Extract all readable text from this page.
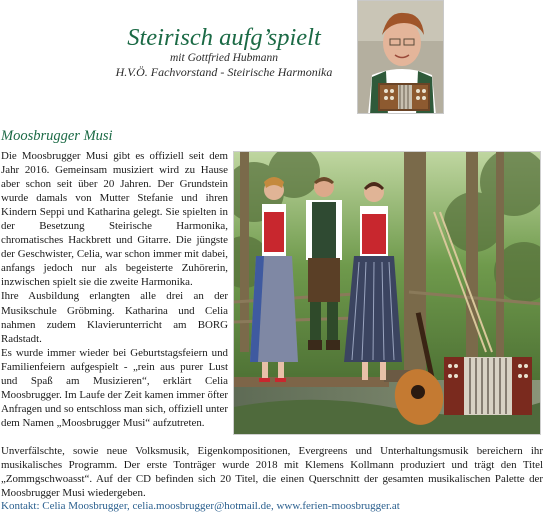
Steirisch aufg’spielt
mit Gottfried Hubmann
H.V.Ö. Fachvorstand - Steirische Harmonika
Moosbrugger Musi

Die Moosbrugger Musi gibt es offiziell seit dem Jahr 2016. Gemeinsam musiziert wird zu Hause aber schon seit über 20 Jahren. Der Grundstein wurde damals von Mutter Stefanie und ihren Kindern Seppi und Katharina gelegt. Sie spielten in der Besetzung Steirische Harmonika, chromatisches Hackbrett und Gitarre. Die jüngste der Geschwister, Celia, war schon immer mit dabei, anfangs jedoch nur als begeisterte Zuhörerin, inzwischen spielt sie die zweite Harmonika.

Ihre Ausbildung erlangten alle drei an der Musikschule Gröbming. Katharina und Celia nahmen zudem Klavierunterricht am BORG Radstadt.

Es wurde immer wieder bei Geburtstagsfeiern und Familienfeiern aufgespielt - „rein aus purer Lust und Spaß am Musizieren“, erklärt Celia Moosbrugger. Im Laufe der Zeit kamen immer öfter Anfragen und so entschloss man sich, offiziell unter dem Namen „Moosbrugger Musi“ aufzutreten.

Unverfälschte, sowie neue Volksmusik, Eigenkompositionen, Evergreens und Unterhaltungsmusik bereichern ihr musikalisches Programm. Der erste Tonträger wurde 2018 mit Klemens Kollmann produziert und trägt den Titel „Zommgschwoasst“. Auf der CD befinden sich 20 Titel, die einen Querschnitt der gesamten musikalischen Palette der Moosbrugger Musi wiedergeben.

Kontakt: Celia Moosbrugger, celia.moosbrugger@hotmail.de, www.ferien-moosbrugger.at
